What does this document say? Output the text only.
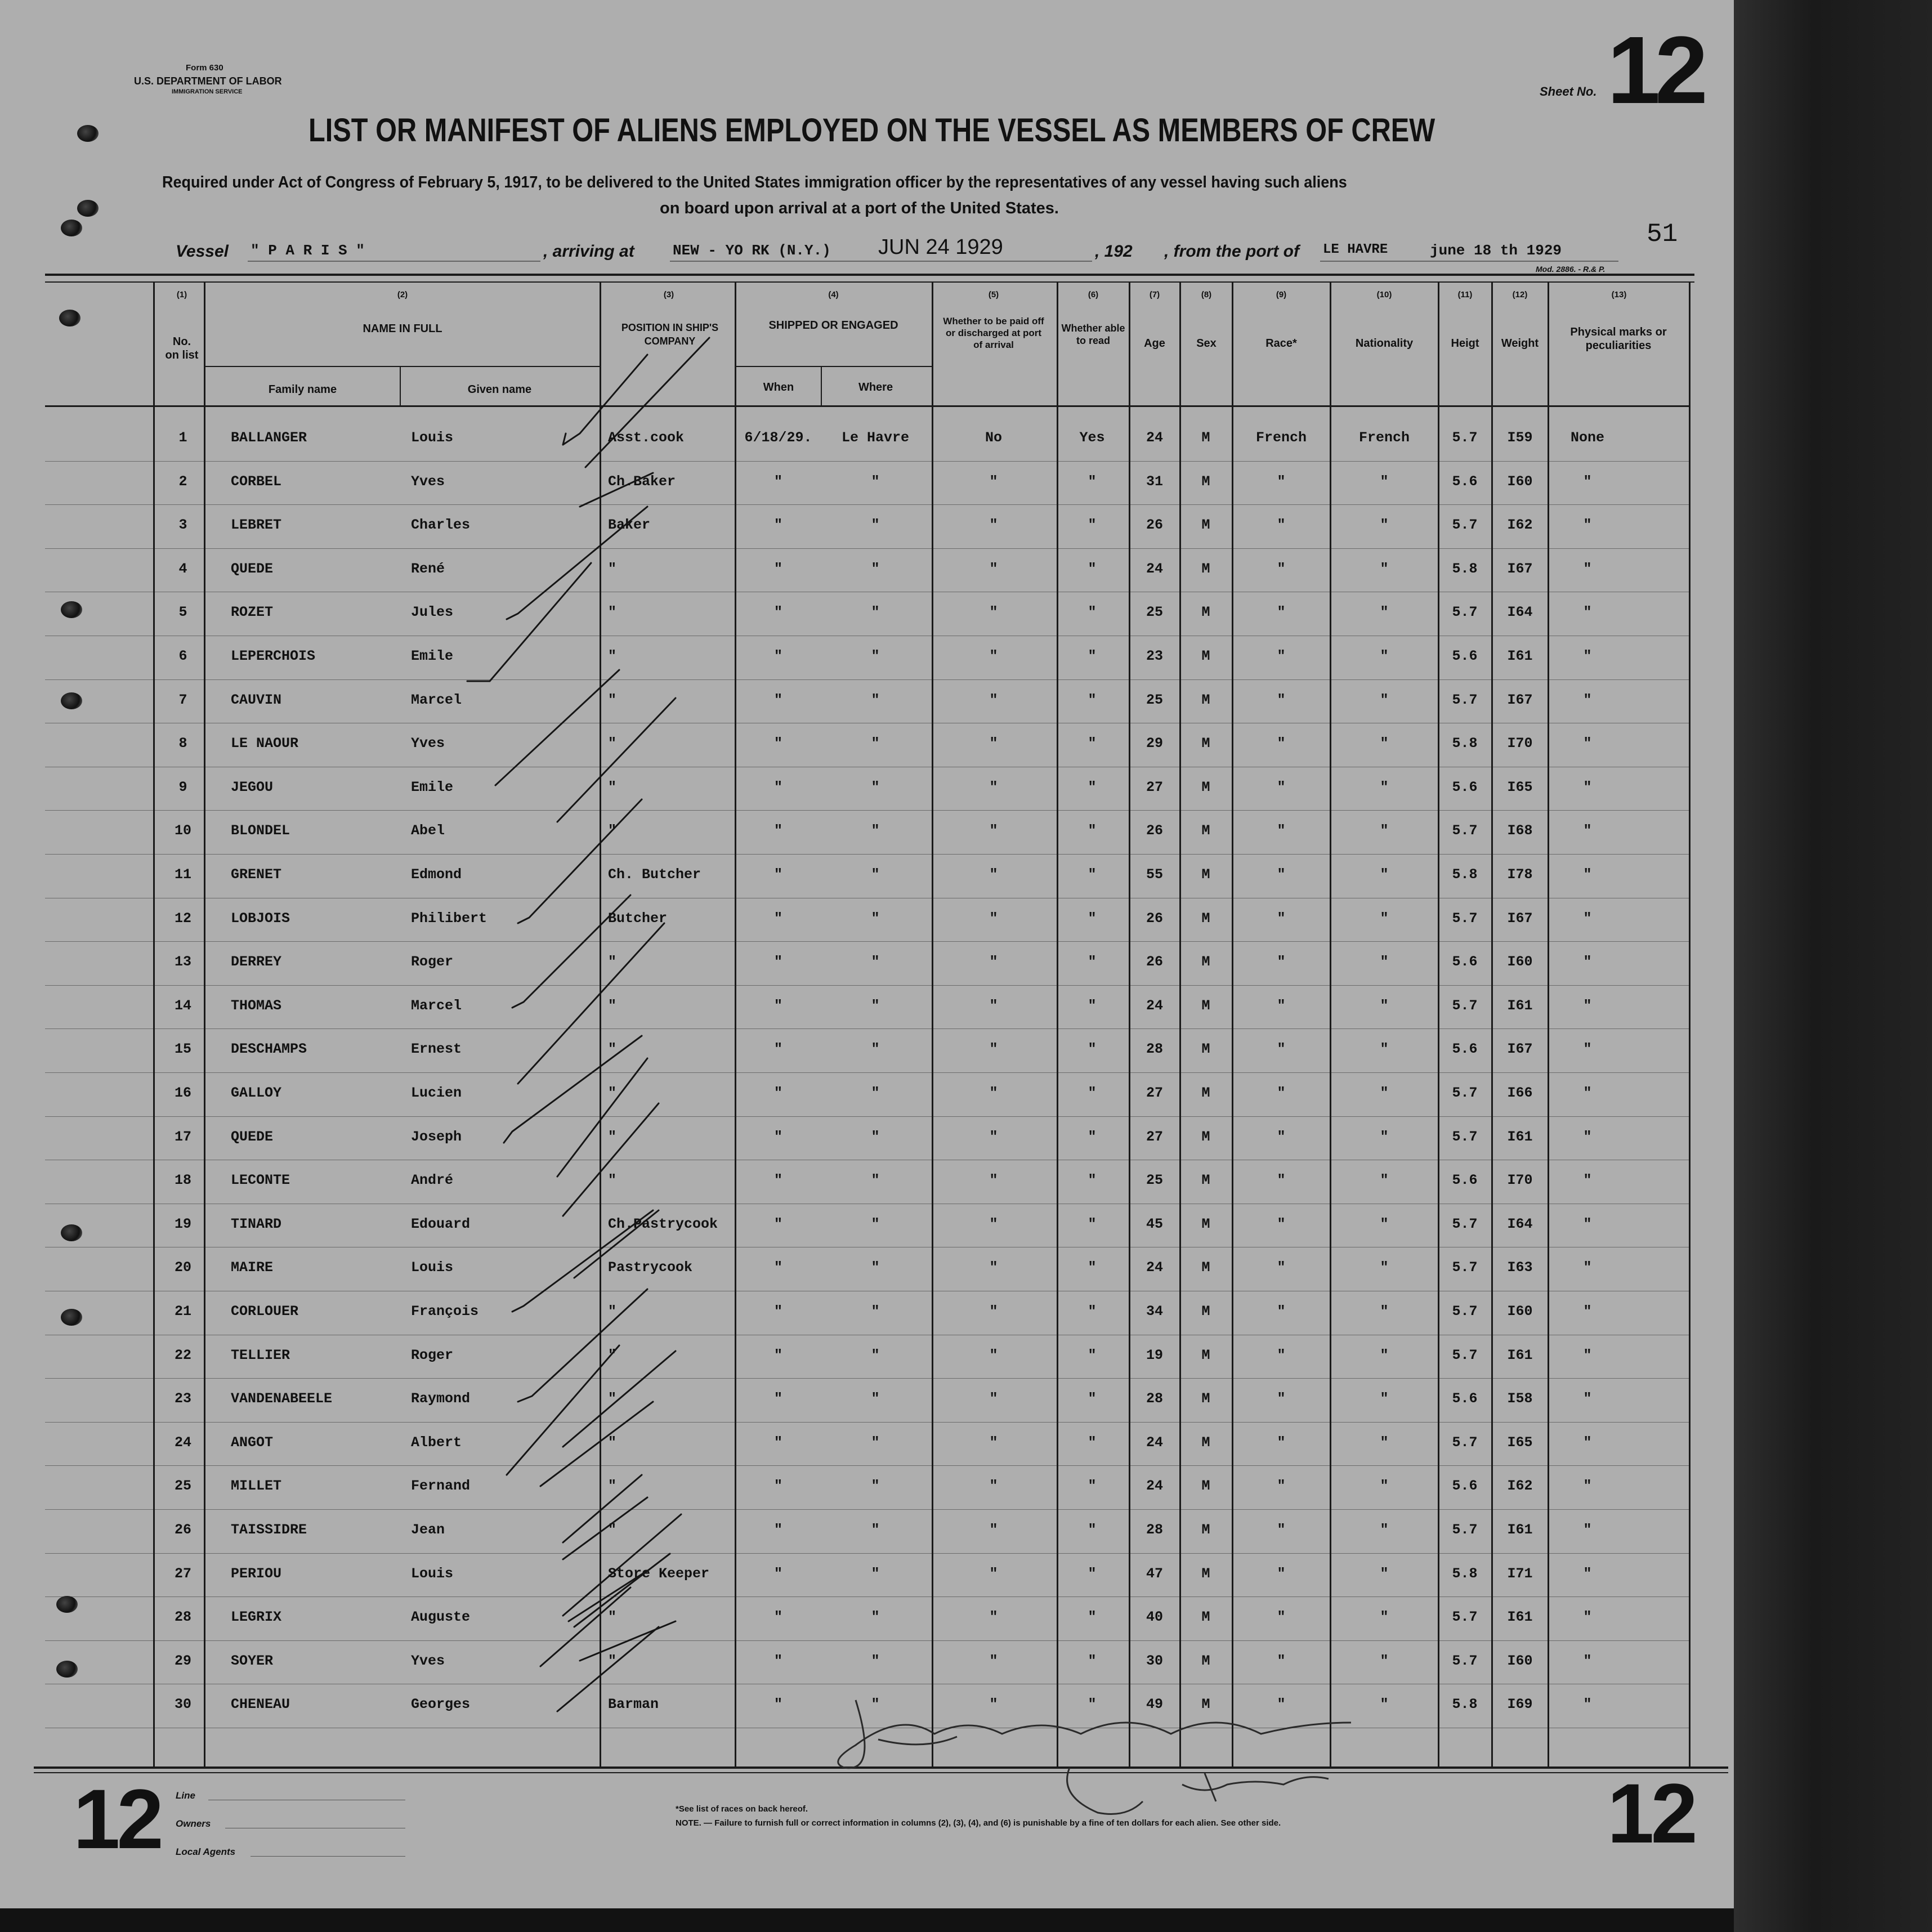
Form 630
U.S. DEPARTMENT OF LABOR
IMMIGRATION SERVICE	Sheet No. 12
LIST OR MANIFEST OF ALIENS EMPLOYED ON THE VESSEL AS MEMBERS OF CREW
Required under Act of Congress of February 5, 1917, to be delivered to the United States immigration officer by the representatives of any vessel having such aliens
on board upon arrival at a port of the United States.
51
Vessel " P A R I S "	, arriving at	NEW - YO RK (N.Y.) JUN 24 1929	, 192 , from the port of LE HAVRE	june 18 th 1929
Mod. 2886. - R.& P.
(1)
No. on list
(2)
NAME IN FULL
Family name	Given name
(3)
POSITION IN SHIP'S COMPANY
(4)
SHIPPED OR ENGAGED
When	Where
(5)
Whether to be paid off or discharged at port of arrival
(6)
Whether able to read
(7)
Age
(8)
Sex
(9)
Race*
(10)
Nationality
(11)
Heigt
(12)
Weight
(13)
Physical marks or peculiarities
1	BALLANGER	Louis	Asst.cook	6/18/29.	Le Havre	No	Yes	24	M	French	French	5.7	I59	None
2	CORBEL	Yves	Ch.Baker	"	"	"	"	31	M	"	"	5.6	I60	"
3	LEBRET	Charles	Baker	"	"	"	"	26	M	"	"	5.7	I62	"
4	QUEDE	René	"	"	"	"	"	24	M	"	"	5.8	I67	"
5	ROZET	Jules	"	"	"	"	"	25	M	"	"	5.7	I64	"
6	LEPERCHOIS	Emile	"	"	"	"	"	23	M	"	"	5.6	I61	"
7	CAUVIN	Marcel	"	"	"	"	"	25	M	"	"	5.7	I67	"
8	LE NAOUR	Yves	"	"	"	"	"	29	M	"	"	5.8	I70	"
9	JEGOU	Emile	"	"	"	"	"	27	M	"	"	5.6	I65	"
10	BLONDEL	Abel	"	"	"	"	"	26	M	"	"	5.7	I68	"
11	GRENET	Edmond	Ch. Butcher	"	"	"	"	55	M	"	"	5.8	I78	"
12	LOBJOIS	Philibert	Butcher	"	"	"	"	26	M	"	"	5.7	I67	"
13	DERREY	Roger	"	"	"	"	"	26	M	"	"	5.6	I60	"
14	THOMAS	Marcel	"	"	"	"	"	24	M	"	"	5.7	I61	"
15	DESCHAMPS	Ernest	"	"	"	"	"	28	M	"	"	5.6	I67	"
16	GALLOY	Lucien	"	"	"	"	"	27	M	"	"	5.7	I66	"
17	QUEDE	Joseph	"	"	"	"	"	27	M	"	"	5.7	I61	"
18	LECONTE	André	"	"	"	"	"	25	M	"	"	5.6	I70	"
19	TINARD	Edouard	Ch.Pastrycook	"	"	"	"	45	M	"	"	5.7	I64	"
20	MAIRE	Louis	Pastrycook	"	"	"	"	24	M	"	"	5.7	I63	"
21	CORLOUER	François	"	"	"	"	"	34	M	"	"	5.7	I60	"
22	TELLIER	Roger	"	"	"	"	"	19	M	"	"	5.7	I61	"
23	VANDENABEELE	Raymond	"	"	"	"	"	28	M	"	"	5.6	I58	"
24	ANGOT	Albert	"	"	"	"	"	24	M	"	"	5.7	I65	"
25	MILLET	Fernand	"	"	"	"	"	24	M	"	"	5.6	I62	"
26	TAISSIDRE	Jean	"	"	"	"	"	28	M	"	"	5.7	I61	"
27	PERIOU	Louis	Store Keeper	"	"	"	"	47	M	"	"	5.8	I71	"
28	LEGRIX	Auguste	"	"	"	"	"	40	M	"	"	5.7	I61	"
29	SOYER	Yves	"	"	"	"	"	30	M	"	"	5.7	I60	"
30	CHENEAU	Georges	Barman	"	"	"	"	49	M	"	"	5.8	I69	"
12	12
Line
Owners
Local Agents
*See list of races on back hereof.
NOTE. — Failure to furnish full or correct information in columns (2), (3), (4), and (6) is punishable by a fine of ten dollars for each alien. See other side.
